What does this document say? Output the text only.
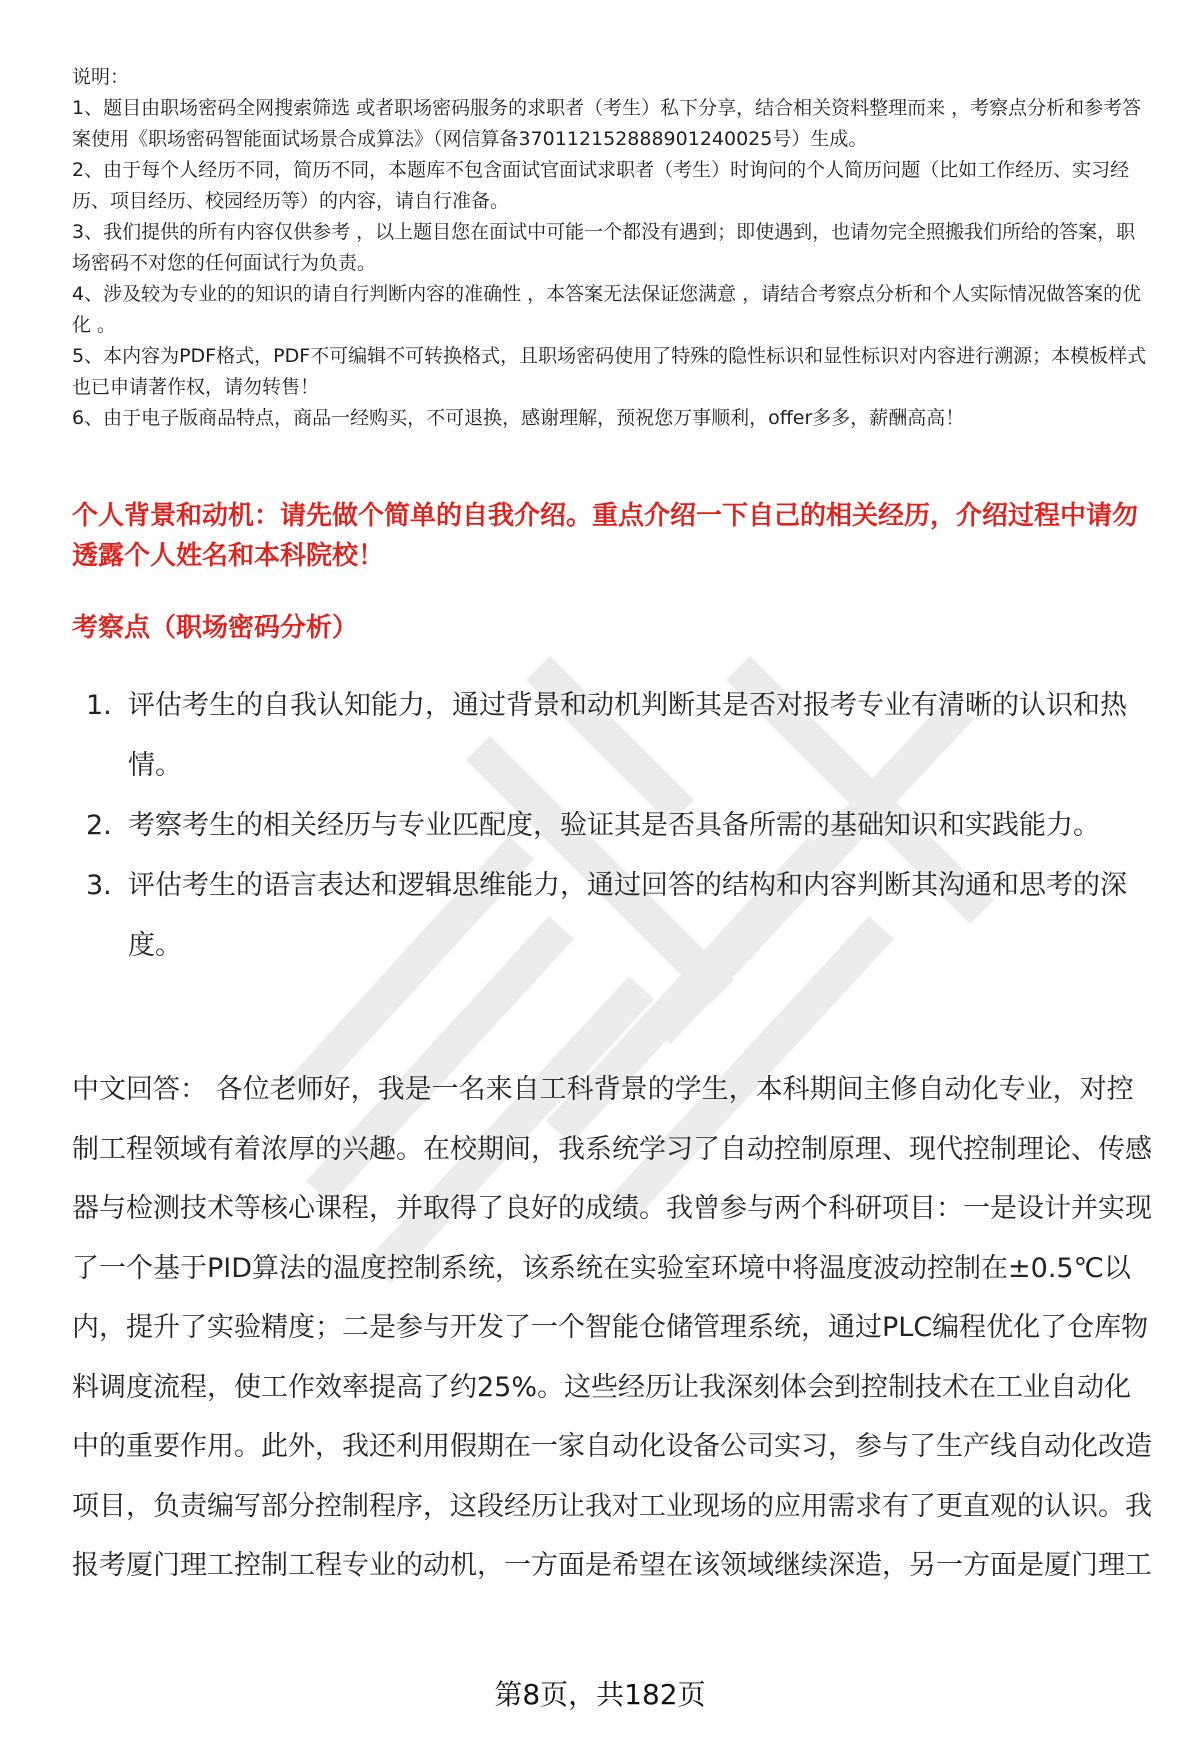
说明：

1、题目由职场密码全网搜索筛选 或者职场密码服务的求职者（考生）私下分享，结合相关资料整理而来 ，考察点分析和参考答案使用《职场密码智能面试场景合成算法》（网信算备370112152888901240025号）生成。

2、由于每个人经历不同，简历不同，本题库不包含面试官面试求职者（考生）时询问的个人简历问题（比如工作经历、实习经历、项目经历、校园经历等）的内容，请自行准备。

3、我们提供的所有内容仅供参考 ，以上题目您在面试中可能一个都没有遇到；即使遇到，也请勿完全照搬我们所给的答案，职场密码不对您的任何面试行为负责。

4、涉及较为专业的的知识的请自行判断内容的准确性 ，本答案无法保证您满意 ，请结合考察点分析和个人实际情况做答案的优化 。

5、本内容为PDF格式，PDF不可编辑不可转换格式，且职场密码使用了特殊的隐性标识和显性标识对内容进行溯源；本模板样式也已申请著作权，请勿转售！

6、由于电子版商品特点，商品一经购买，不可退换，感谢理解，预祝您万事顺利，offer多多，薪酬高高！

个人背景和动机：请先做个简单的自我介绍。重点介绍一下自己的相关经历，介绍过程中请勿透露个人姓名和本科院校！
考察点（职场密码分析）
1. 评估考生的自我认知能力，通过背景和动机判断其是否对报考专业有清晰的认识和热情。
2. 考察考生的相关经历与专业匹配度，验证其是否具备所需的基础知识和实践能力。
3. 评估考生的语言表达和逻辑思维能力，通过回答的结构和内容判断其沟通和思考的深度。

中文回答： 各位老师好，我是一名来自工科背景的学生，本科期间主修自动化专业，对控制工程领域有着浓厚的兴趣。在校期间，我系统学习了自动控制原理、现代控制理论、传感器与检测技术等核心课程，并取得了良好的成绩。我曾参与两个科研项目：一是设计并实现了一个基于PID算法的温度控制系统，该系统在实验室环境中将温度波动控制在±0.5℃以内，提升了实验精度；二是参与开发了一个智能仓储管理系统，通过PLC编程优化了仓库物料调度流程，使工作效率提高了约25%。这些经历让我深刻体会到控制技术在工业自动化中的重要作用。此外，我还利用假期在一家自动化设备公司实习，参与了生产线自动化改造项目，负责编写部分控制程序，这段经历让我对工业现场的应用需求有了更直观的认识。我报考厦门理工控制工程专业的动机，一方面是希望在该领域继续深造，另一方面是厦门理工

第8页，共182页
